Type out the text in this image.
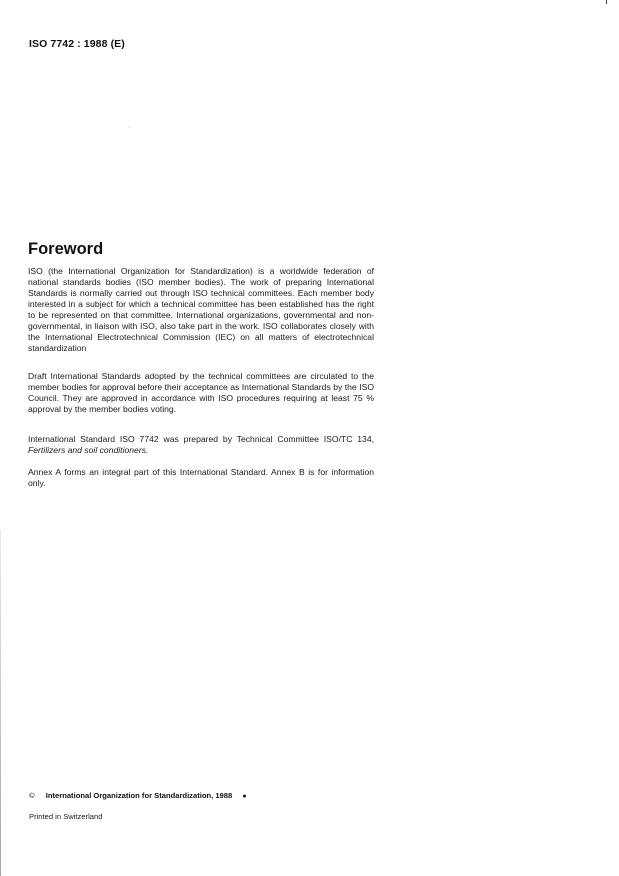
ISO 7742 : 1988 (E)
Foreword

ISO (the International Organization for Standardization) is a worldwide federation of national standards bodies (ISO member bodies). The work of preparing International Standards is normally carried out through ISO technical committees. Each member body interested in a subject for which a technical committee has been established has the right to be represented on that committee. International organizations, governmental and non-governmental, in liaison with ISO, also take part in the work. ISO collaborates closely with the International Electrotechnical Commission (IEC) on all matters of electrotechnical standardization

Draft International Standards adopted by the technical committees are circulated to the member bodies for approval before their acceptance as International Standards by the ISO Council. They are approved in accordance with ISO procedures requiring at least 75 % approval by the member bodies voting.

International Standard ISO 7742 was prepared by Technical Committee ISO/TC 134, Fertilizers and soil conditioners.

Annex A forms an integral part of this International Standard. Annex B is for information only.

© International Organization for Standardization, 1988 ●
Printed in Switzerland
